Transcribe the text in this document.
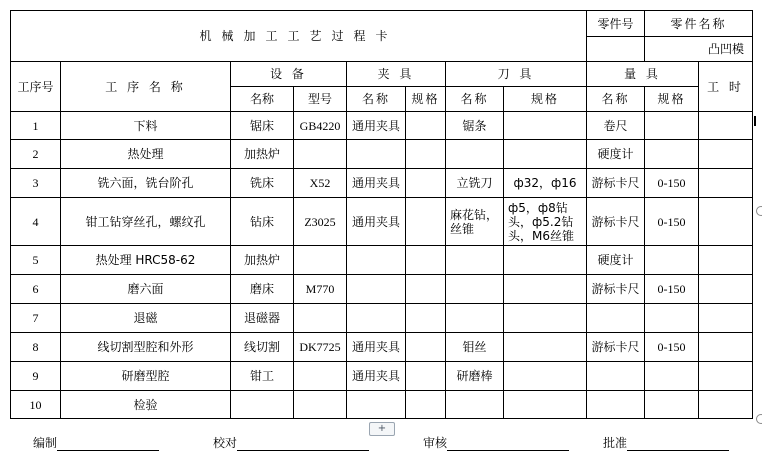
机械加工工艺过程卡								零件号	零件名称	
									凸凹模	
工序号	工 序 名 称	设 备		夹 具		刀 具		量 具		工 时
		名称	型号	名称	规格	名称	规格	名称	规格	
1	下料	锯床	GB4220	通用夹具		锯条		卷尺		
2	热处理	加热炉						硬度计		
3	铣六面，铣台阶孔	铣床	X52	通用夹具		立铣刀	ф32，ф16	游标卡尺	0-150	
4	钳工钻穿丝孔，螺纹孔	钻床	Z3025	通用夹具		麻花钻，丝锥	ф5，ф8钻头，ф5.2钻头，M6丝锥	游标卡尺	0-150	
5	热处理 HRC58-62	加热炉						硬度计		
6	磨六面	磨床	M770					游标卡尺	0-150	
7	退磁	退磁器								
8	线切割型腔和外形	线切割	DK7725	通用夹具		钼丝		游标卡尺	0-150	
9	研磨型腔	钳工		通用夹具		研磨棒				
10	检验									
+
编制	校对	审核	批准
